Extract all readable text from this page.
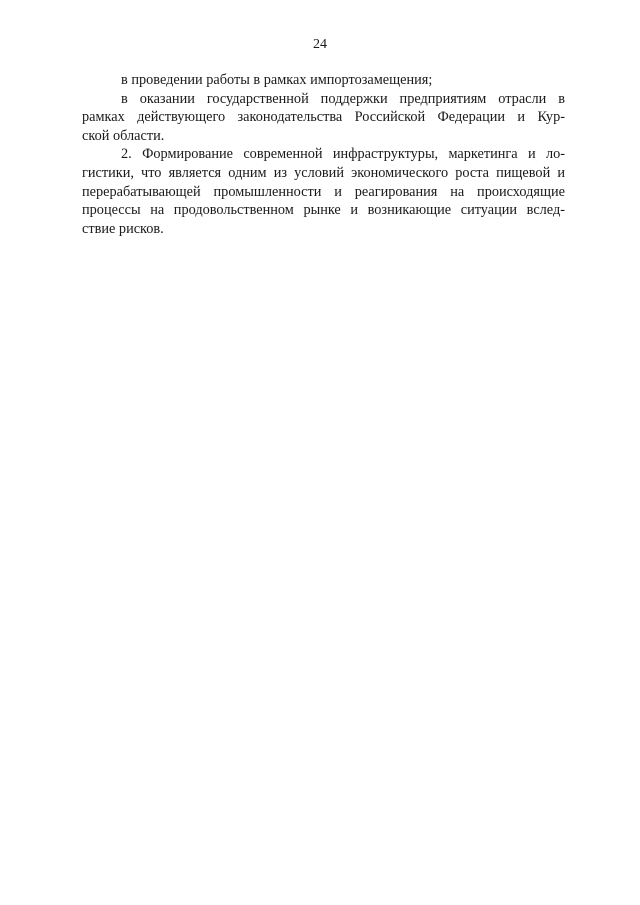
24
в проведении работы в рамках импортозамещения;
в оказании государственной поддержки предприятиям отрасли в
рамках действующего законодательства Российской Федерации и Кур-
ской области.
2. Формирование современной инфраструктуры, маркетинга и ло-
гистики, что является одним из условий экономического роста пищевой и
перерабатывающей промышленности и реагирования на происходящие
процессы на продовольственном рынке и возникающие ситуации вслед-
ствие рисков.
